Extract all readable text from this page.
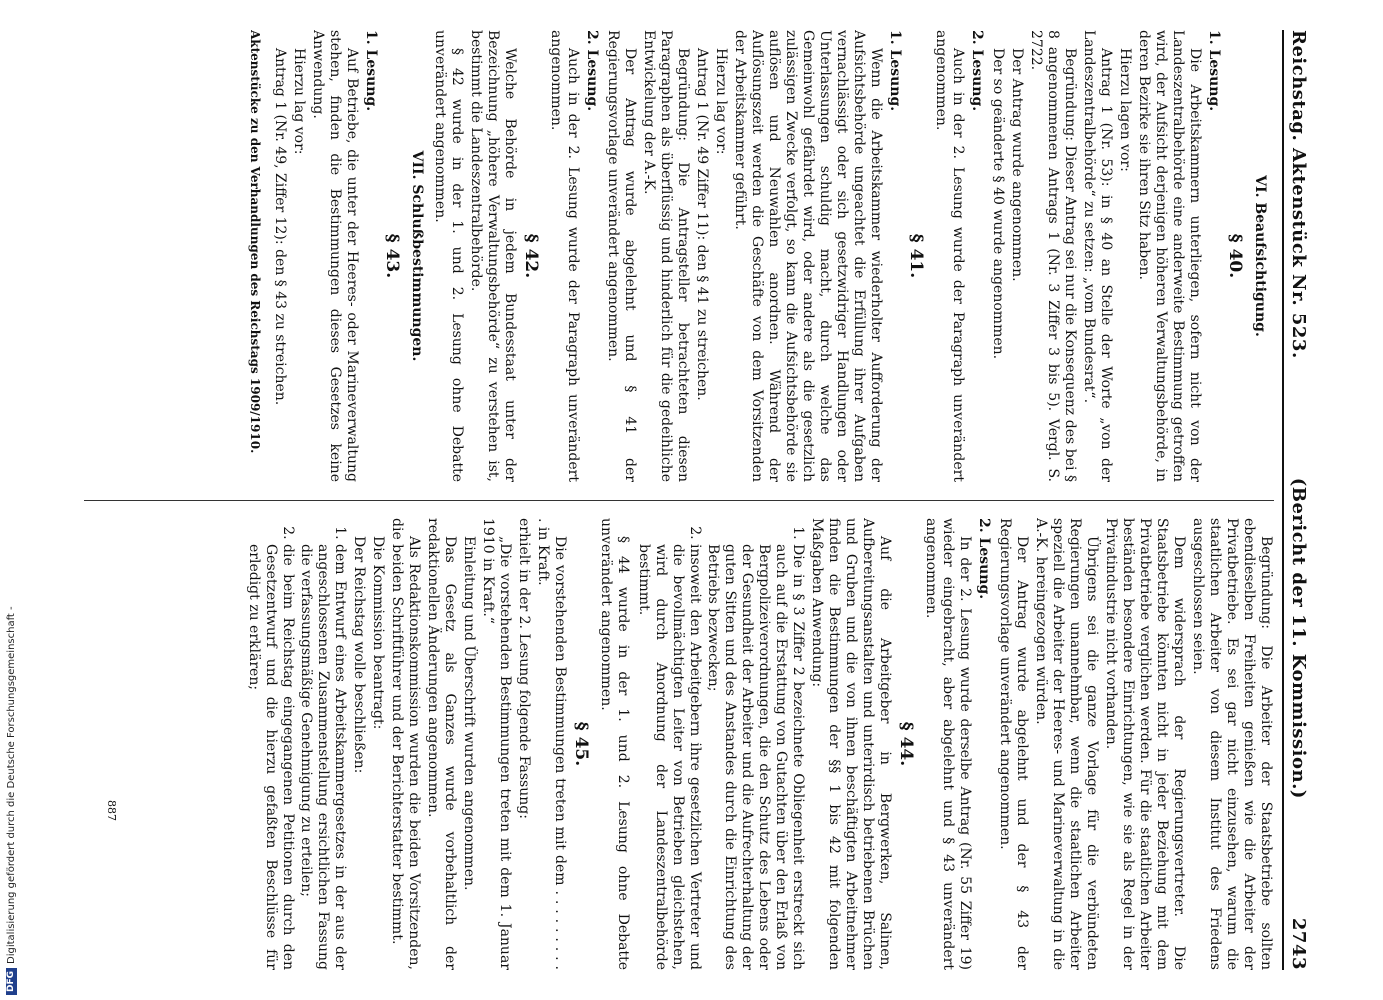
DFG
Digitalisierung gefördert durch die Deutsche Forschungsgemeinschaft -
Reichstag. Aktenstück Nr. 523.
(Bericht der 11. Kommission.)
2743
VI. Beaufsichtigung.
§ 40.
1. Lesung.

Die Arbeitskammern unterliegen, sofern nicht von der Landeszentralbehörde eine anderweite Bestimmung getroffen wird, der Aufsicht derjenigen höheren Verwaltungsbehörde, in deren Bezirke sie ihren Sitz haben.

Hierzu lagen vor:

Antrag 1 (Nr. 53): in § 40 an Stelle der Worte „von der Landeszentralbehörde“ zu setzen: „vom Bundesrat“.

Begründung: Dieser Antrag sei nur die Konsequenz des bei § 8 angenommenen Antrags 1 (Nr. 3 Ziffer 3 bis 5). Vergl. S. 2722.

Der Antrag wurde angenommen.

Der so geänderte § 40 wurde angenommen.

2. Lesung.

Auch in der 2. Lesung wurde der Paragraph unverändert angenommen.

§ 41.
1. Lesung.

Wenn die Arbeitskammer wiederholter Aufforderung der Aufsichtsbehörde ungeachtet die Erfüllung ihrer Aufgaben vernachlässigt oder sich gesetzwidriger Handlungen oder Unterlassungen schuldig macht, durch welche das Gemeinwohl gefährdet wird, oder andere als die gesetzlich zulässigen Zwecke verfolgt, so kann die Aufsichtsbehörde sie auflösen und Neuwahlen anordnen. Während der Auflösungszeit werden die Geschäfte von dem Vorsitzenden der Arbeitskammer geführt.

Hierzu lag vor:

Antrag 1 (Nr. 49 Ziffer 11): den § 41 zu streichen.

Begründung: Die Antragsteller betrachteten diesen Paragraphen als überflüssig und hinderlich für die gedeihliche Entwickelung der A.-K.

Der Antrag wurde abgelehnt und § 41 der Regierungsvorlage unverändert angenommen.

2. Lesung.

Auch in der 2. Lesung wurde der Paragraph unverändert angenommen.

§ 42.

Welche Behörde in jedem Bundesstaat unter der Bezeichnung „höhere Verwaltungsbehörde“ zu verstehen ist, bestimmt die Landeszentralbehörde.

§ 42 wurde in der 1. und 2. Lesung ohne Debatte unverändert angenommen.

VII. Schlußbestimmungen.
§ 43.
1. Lesung.

Auf Betriebe, die unter der Heeres- oder Marineverwaltung stehen, finden die Bestimmungen dieses Gesetzes keine Anwendung.

Hierzu lag vor:

Antrag 1 (Nr. 49, Ziffer 12): den § 43 zu streichen.

Aktenstücke zu den Verhandlungen des Reichstags 1909/1910.

Begründung: Die Arbeiter der Staatsbetriebe sollten ebendieselben Freiheiten genießen wie die Arbeiter der Privatbetriebe. Es sei gar nicht einzusehen, warum die staatlichen Arbeiter von diesem Institut des Friedens ausgeschlossen seien.

Dem widersprach der Regierungsvertreter. Die Staatsbetriebe könnten nicht in jeder Beziehung mit dem Privatbetriebe verglichen werden. Für die staatlichen Arbeiter beständen besondere Einrichtungen, wie sie als Regel in der Privatindustrie nicht vorhanden.

Übrigens sei die ganze Vorlage für die verbündeten Regierungen unannehmbar, wenn die staatlichen Arbeiter speziell die Arbeiter der Heeres- und Marineverwaltung in die A.-K. hereingezogen würden.

Der Antrag wurde abgelehnt und der § 43 der Regierungsvorlage unverändert angenommen.

2. Lesung.

In der 2. Lesung wurde derselbe Antrag (Nr. 55 Ziffer 19) wieder eingebracht, aber abgelehnt und § 43 unverändert angenommen.

§ 44.

Auf die Arbeitgeber in Bergwerken, Salinen, Aufbereitungsanstalten und unterirdisch betriebenen Brüchen und Gruben und die von ihnen beschäftigten Arbeitnehmer finden die Bestimmungen der §§ 1 bis 42 mit folgenden Maßgaben Anwendung:

1. Die in § 3 Ziffer 2 bezeichnete Obliegenheit erstreckt sich auch auf die Erstattung von Gutachten über den Erlaß von Bergpolizeiverordnungen, die den Schutz des Lebens oder der Gesundheit der Arbeiter und die Aufrechterhaltung der guten Sitten und des Anstandes durch die Einrichtung des Betriebs bezwecken;
2. insoweit den Arbeitgebern ihre gesetzlichen Vertreter und die bevollmächtigten Leiter von Betrieben gleichstehen, wird durch Anordnung der Landeszentralbehörde bestimmt.

§ 44 wurde in der 1. und 2. Lesung ohne Debatte unverändert angenommen.

§ 45.

Die vorstehenden Bestimmungen treten mit dem . . . . . . . . . . in Kraft.

erhielt in der 2. Lesung folgende Fassung:

„Die vorstehenden Bestimmungen treten mit dem 1. Januar 1910 in Kraft.“

Einleitung und Überschrift wurden angenommen.

Das Gesetz als Ganzes wurde vorbehaltlich der redaktionellen Änderungen angenommen.

Als Redaktionskommission wurden die beiden Vorsitzenden, die beiden Schriftführer und der Berichterstatter bestimmt.

Die Kommission beantragt:

Der Reichstag wolle beschließen:

1. dem Entwurf eines Arbeitskammergesetzes in der aus der angeschlossenen Zusammenstellung ersichtlichen Fassung die verfassungsmäßige Genehmigung zu erteilen;
2. die beim Reichstag eingegangenen Petitionen durch den Gesetzentwurf und die hierzu gefaßten Beschlüsse für erledigt zu erklären;
887
